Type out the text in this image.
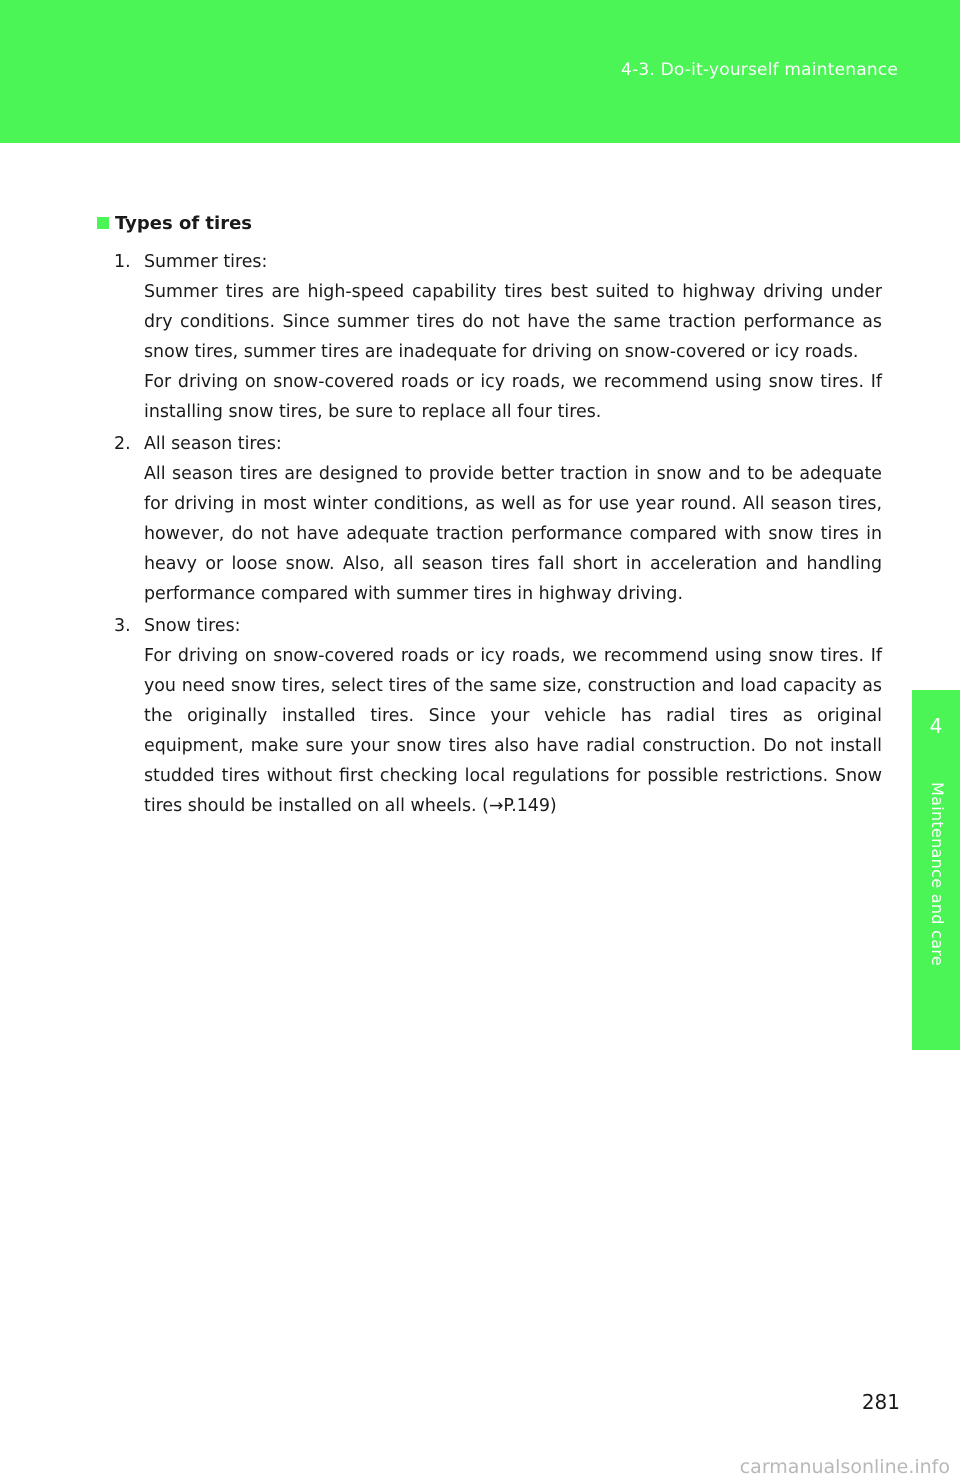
4-3. Do-it-yourself maintenance
4
Maintenance and care
Types of tires
1. Summer tires:
Summer tires are high-speed capability tires best suited to highway driving under dry conditions. Since summer tires do not have the same traction performance as snow tires, summer tires are inadequate for driving on snow-covered or icy roads.
For driving on snow-covered roads or icy roads, we recommend using snow tires. If installing snow tires, be sure to replace all four tires.
2. All season tires:
All season tires are designed to provide better traction in snow and to be adequate for driving in most winter conditions, as well as for use year round. All season tires, however, do not have adequate traction performance compared with snow tires in heavy or loose snow. Also, all season tires fall short in acceleration and handling performance compared with summer tires in highway driving.
3. Snow tires:
For driving on snow-covered roads or icy roads, we recommend using snow tires. If you need snow tires, select tires of the same size, construction and load capacity as the originally installed tires. Since your vehicle has radial tires as original equipment, make sure your snow tires also have radial construction. Do not install studded tires without first checking local regulations for possible restrictions. Snow tires should be installed on all wheels. (→P.149)
281
carmanualsonline.info
